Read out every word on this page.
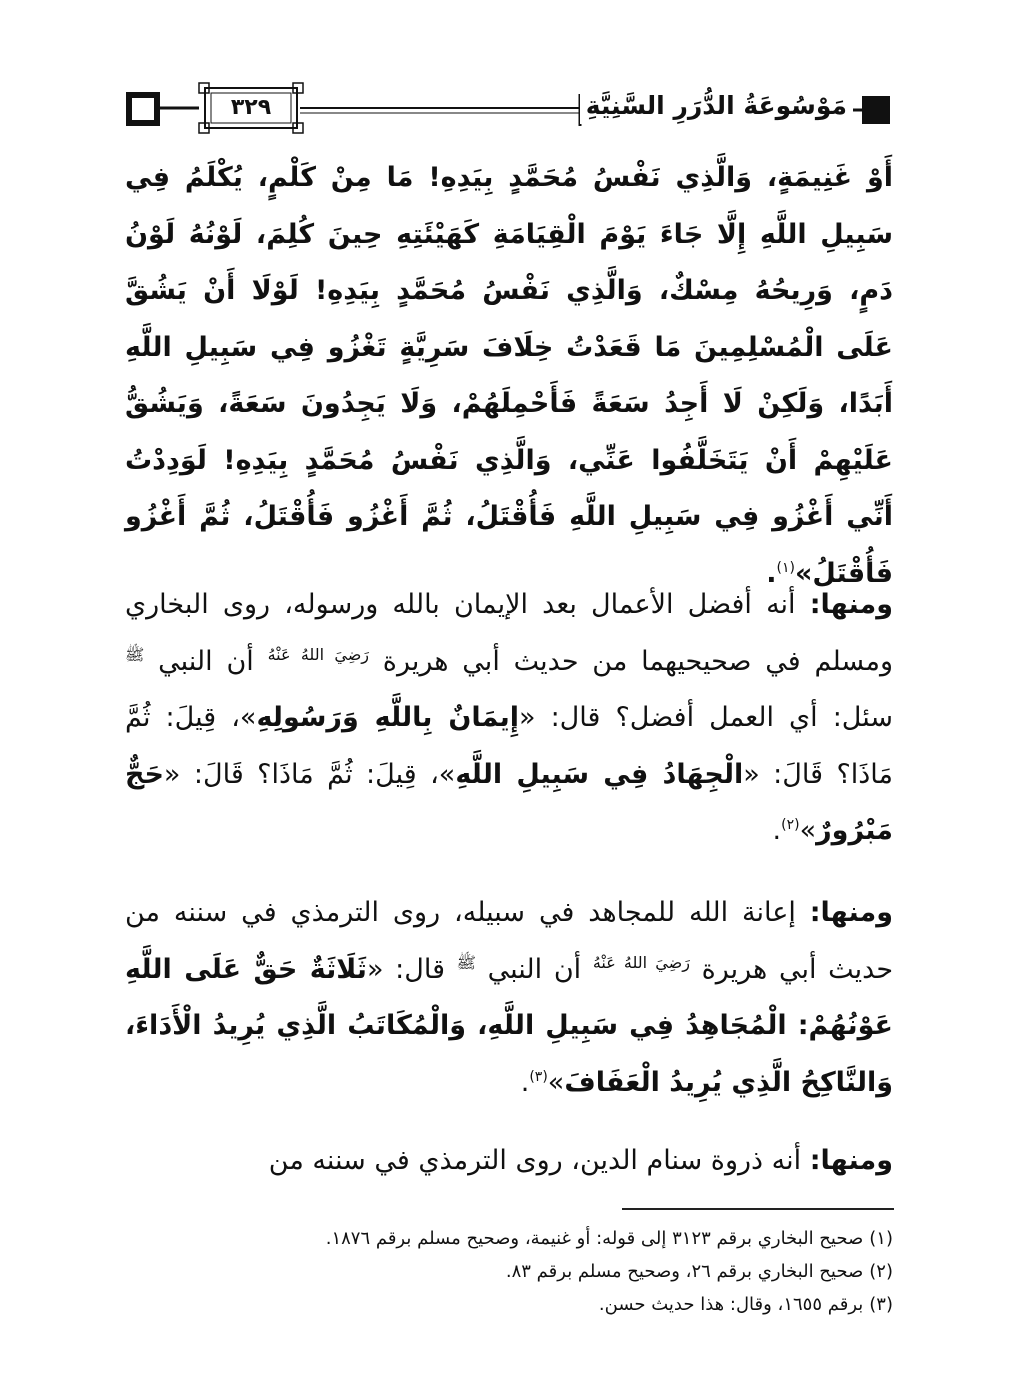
مَوْسُوعَةُ الدُّرَرِ السَّنِيَّةِ
٣٢٩
أَوْ غَنِيمَةٍ، وَالَّذِي نَفْسُ مُحَمَّدٍ بِيَدِهِ! مَا مِنْ كَلْمٍ، يُكْلَمُ فِي سَبِيلِ اللَّهِ إِلَّا جَاءَ يَوْمَ الْقِيَامَةِ كَهَيْئَتِهِ حِينَ كُلِمَ، لَوْنُهُ لَوْنُ دَمٍ، وَرِيحُهُ مِسْكٌ، وَالَّذِي نَفْسُ مُحَمَّدٍ بِيَدِهِ! لَوْلَا أَنْ يَشُقَّ عَلَى الْمُسْلِمِينَ مَا قَعَدْتُ خِلَافَ سَرِيَّةٍ تَغْزُو فِي سَبِيلِ اللَّهِ أَبَدًا، وَلَكِنْ لَا أَجِدُ سَعَةً فَأَحْمِلَهُمْ، وَلَا يَجِدُونَ سَعَةً، وَيَشُقُّ عَلَيْهِمْ أَنْ يَتَخَلَّفُوا عَنِّي، وَالَّذِي نَفْسُ مُحَمَّدٍ بِيَدِهِ! لَوَدِدْتُ أَنِّي أَغْزُو فِي سَبِيلِ اللَّهِ فَأُقْتَلُ، ثُمَّ أَغْزُو فَأُقْتَلُ، ثُمَّ أَغْزُو فَأُقْتَلُ»$^{(١)}$.
ومنها: أنه أفضل الأعمال بعد الإيمان بالله ورسوله، روى البخاري ومسلم في صحيحيهما من حديث أبي هريرة $^{رَضِيَ اللهُ عَنْهُ}$ أن النبي $^ﷺ$ سئل: أي العمل أفضل؟ قال: «إِيمَانٌ بِاللَّهِ وَرَسُولِهِ»، قِيلَ: ثُمَّ مَاذَا؟ قَالَ: «الْجِهَادُ فِي سَبِيلِ اللَّهِ»، قِيلَ: ثُمَّ مَاذَا؟ قَالَ: «حَجٌّ مَبْرُورٌ»$^{(٢)}$.
ومنها: إعانة الله للمجاهد في سبيله، روى الترمذي في سننه من حديث أبي هريرة $^{رَضِيَ اللهُ عَنْهُ}$ أن النبي $^ﷺ$ قال: «ثَلَاثَةٌ حَقٌّ عَلَى اللَّهِ عَوْنُهُمْ: الْمُجَاهِدُ فِي سَبِيلِ اللَّهِ، وَالْمُكَاتَبُ الَّذِي يُرِيدُ الْأَدَاءَ، وَالنَّاكِحُ الَّذِي يُرِيدُ الْعَفَافَ»$^{(٣)}$.
ومنها: أنه ذروة سنام الدين، روى الترمذي في سننه من
(١)صحيح البخاري برقم ٣١٢٣ إلى قوله: أو غنيمة، وصحيح مسلم برقم ١٨٧٦.
(٢)صحيح البخاري برقم ٢٦، وصحيح مسلم برقم ٨٣.
(٣)برقم ١٦٥٥، وقال: هذا حديث حسن.
